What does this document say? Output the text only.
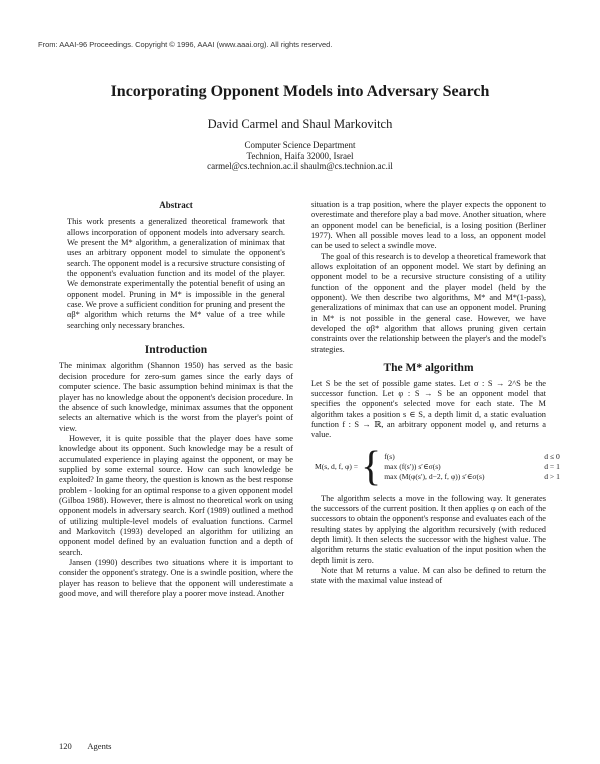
From: AAAI-96 Proceedings. Copyright © 1996, AAAI (www.aaai.org). All rights reserved.
Incorporating Opponent Models into Adversary Search
David Carmel and Shaul Markovitch
Computer Science Department
Technion, Haifa 32000, Israel
carmel@cs.technion.ac.il shaulm@cs.technion.ac.il
Abstract

This work presents a generalized theoretical framework that allows incorporation of opponent models into adversary search. We present the M* algorithm, a generalization of minimax that uses an arbitrary opponent model to simulate the opponent's search. The opponent model is a recursive structure consisting of the opponent's evaluation function and its model of the player. We demonstrate experimentally the potential benefit of using an opponent model. Pruning in M* is impossible in the general case. We prove a sufficient condition for pruning and present the αβ* algorithm which returns the M* value of a tree while searching only necessary branches.

Introduction

The minimax algorithm (Shannon 1950) has served as the basic decision procedure for zero-sum games since the early days of computer science. The basic assumption behind minimax is that the player has no knowledge about the opponent's decision procedure. In the absence of such knowledge, minimax assumes that the opponent selects an alternative which is the worst from the player's point of view.

However, it is quite possible that the player does have some knowledge about its opponent. Such knowledge may be a result of accumulated experience in playing against the opponent, or may be supplied by some external source. How can such knowledge be exploited? In game theory, the question is known as the best response problem - looking for an optimal response to a given opponent model (Gilboa 1988). However, there is almost no theoretical work on using opponent models in adversary search. Korf (1989) outlined a method of utilizing multiple-level models of evaluation functions. Carmel and Markovitch (1993) developed an algorithm for utilizing an opponent model defined by an evaluation function and a depth of search.

Jansen (1990) describes two situations where it is important to consider the opponent's strategy. One is a swindle position, where the player has reason to believe that the opponent will underestimate a good move, and will therefore play a poorer move instead. Another

situation is a trap position, where the player expects the opponent to overestimate and therefore play a bad move. Another situation, where an opponent model can be beneficial, is a losing position (Berliner 1977). When all possible moves lead to a loss, an opponent model can be used to select a swindle move.

The goal of this research is to develop a theoretical framework that allows exploitation of an opponent model. We start by defining an opponent model to be a recursive structure consisting of a utility function of the opponent and the player model (held by the opponent). We then describe two algorithms, M* and M*(1-pass), generalizations of minimax that can use an opponent model. Pruning in M* is not possible in the general case. However, we have developed the αβ* algorithm that allows pruning given certain constraints over the relationship between the player's and the model's strategies.

The M* algorithm

Let S be the set of possible game states. Let σ : S → 2^S be the successor function. Let φ : S → S be an opponent model that specifies the opponent's selected move for each state. The M algorithm takes a position s ∈ S, a depth limit d, a static evaluation function f : S → ℝ, an arbitrary opponent model φ, and returns a value.

M(s, d, f, φ) = { f(s)	d ≤ 0
max (f(s′)) s′∈σ(s)	d = 1
max (M(φ(s′), d−2, f, φ)) s′∈σ(s)	d > 1

The algorithm selects a move in the following way. It generates the successors of the current position. It then applies φ on each of the successors to obtain the opponent's response and evaluates each of the resulting states by applying the algorithm recursively (with reduced depth limit). It then selects the successor with the highest value. The algorithm returns the static evaluation of the input position when the depth limit is zero.

Note that M returns a value. M can also be defined to return the state with the maximal value instead of

120 Agents
